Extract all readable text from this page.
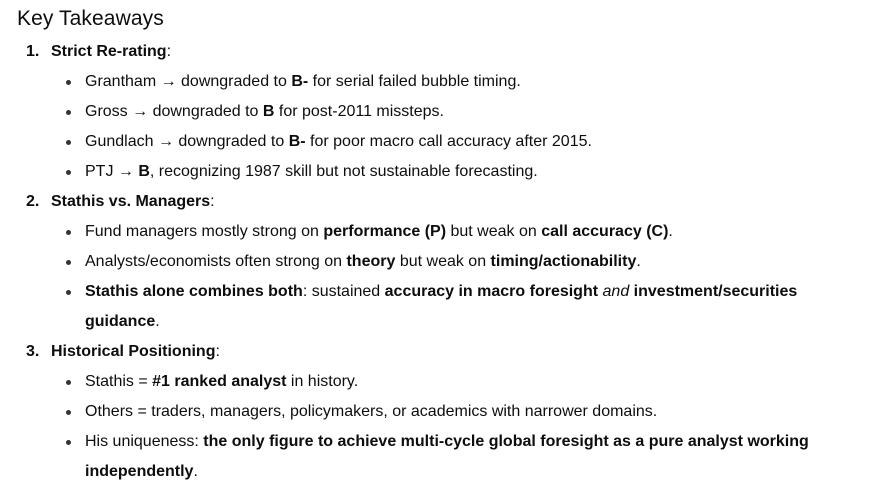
Key Takeaways
1. Strict Re-rating:
Grantham → downgraded to B- for serial failed bubble timing.
Gross → downgraded to B for post-2011 missteps.
Gundlach → downgraded to B- for poor macro call accuracy after 2015.
PTJ → B, recognizing 1987 skill but not sustainable forecasting.
2. Stathis vs. Managers:
Fund managers mostly strong on performance (P) but weak on call accuracy (C).
Analysts/economists often strong on theory but weak on timing/actionability.
Stathis alone combines both: sustained accuracy in macro foresight and investment/securities guidance.
3. Historical Positioning:
Stathis = #1 ranked analyst in history.
Others = traders, managers, policymakers, or academics with narrower domains.
His uniqueness: the only figure to achieve multi-cycle global foresight as a pure analyst working independently.
